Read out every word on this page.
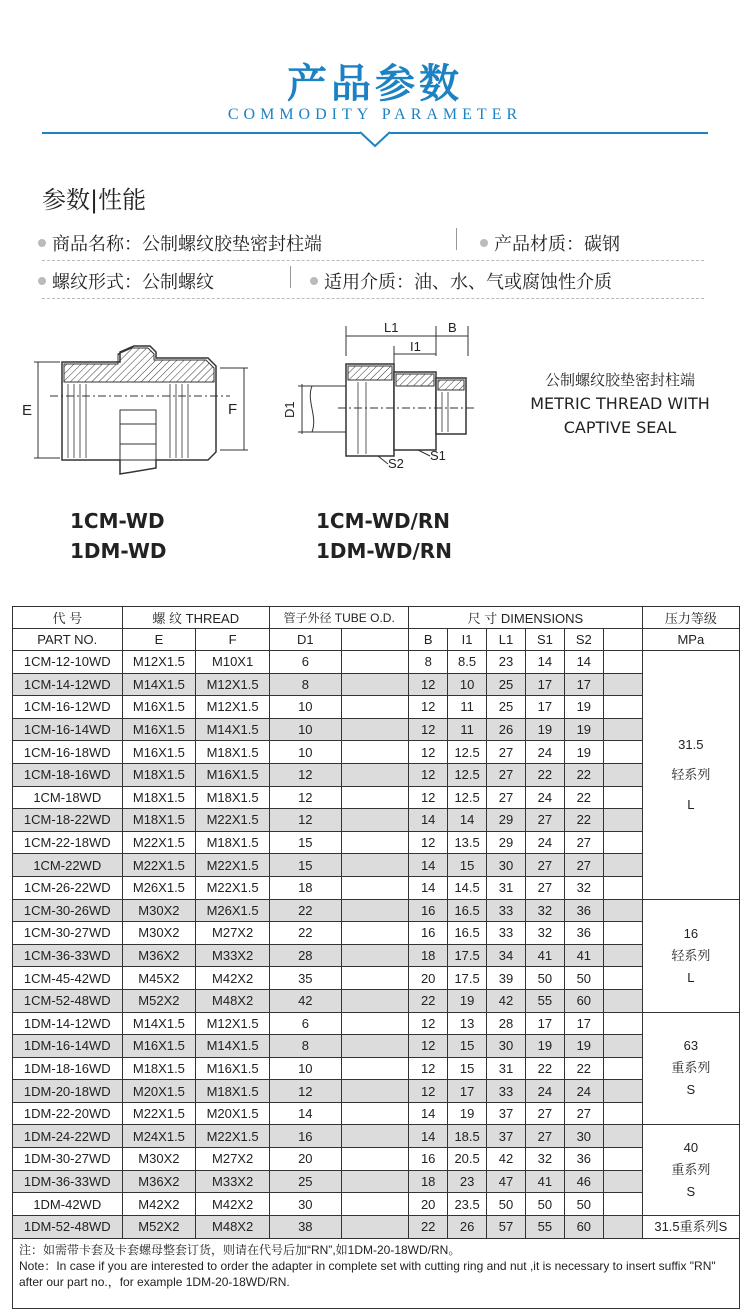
产品参数
COMMODITY PARAMETER
参数|性能
商品名称：公制螺纹胶垫密封柱端	产品材质：碳钢
螺纹形式：公制螺纹	适用介质：油、水、气或腐蚀性介质
E	F
L1	B
I1
D1
S2
S1
公制螺纹胶垫密封柱端
METRIC THREAD WITH
CAPTIVE SEAL
1CM-WD
1DM-WD
1CM-WD/RN
1DM-WD/RN
代 号	螺 纹 THREAD		管子外径 TUBE O.D.		尺 寸 DIMENSIONS						压力等级
PART NO.	E	F	D1		B	I1	L1	S1	S2		MPa
1CM-12-10WD	M12X1.5	M10X1	6		8	8.5	23	14	14		31.5
轻系列
L

1CM-14-12WD	M14X1.5	M12X1.5	8		12	10	25	17	17		
1CM-16-12WD	M16X1.5	M12X1.5	10		12	11	25	17	19		
1CM-16-14WD	M16X1.5	M14X1.5	10		12	11	26	19	19		
1CM-16-18WD	M16X1.5	M18X1.5	10		12	12.5	27	24	19		
1CM-18-16WD	M18X1.5	M16X1.5	12		12	12.5	27	22	22		
1CM-18WD	M18X1.5	M18X1.5	12		12	12.5	27	24	22		
1CM-18-22WD	M18X1.5	M22X1.5	12		14	14	29	27	22		
1CM-22-18WD	M22X1.5	M18X1.5	15		12	13.5	29	24	27		
1CM-22WD	M22X1.5	M22X1.5	15		14	15	30	27	27		
1CM-26-22WD	M26X1.5	M22X1.5	18		14	14.5	31	27	32		
1CM-30-26WD	M30X2	M26X1.5	22		16	16.5	33	32	36		16
轻系列
L

1CM-30-27WD	M30X2	M27X2	22		16	16.5	33	32	36		
1CM-36-33WD	M36X2	M33X2	28		18	17.5	34	41	41		
1CM-45-42WD	M45X2	M42X2	35		20	17.5	39	50	50		
1CM-52-48WD	M52X2	M48X2	42		22	19	42	55	60		
1DM-14-12WD	M14X1.5	M12X1.5	6		12	13	28	17	17		63
重系列
S

1DM-16-14WD	M16X1.5	M14X1.5	8		12	15	30	19	19		
1DM-18-16WD	M18X1.5	M16X1.5	10		12	15	31	22	22		
1DM-20-18WD	M20X1.5	M18X1.5	12		12	17	33	24	24		
1DM-22-20WD	M22X1.5	M20X1.5	14		14	19	37	27	27		
1DM-24-22WD	M24X1.5	M22X1.5	16		14	18.5	37	27	30		40
重系列
S

1DM-30-27WD	M30X2	M27X2	20		16	20.5	42	32	36		
1DM-36-33WD	M36X2	M33X2	25		18	23	47	41	46		
1DM-42WD	M42X2	M42X2	30		20	23.5	50	50	50		
1DM-52-48WD	M52X2	M48X2	38		22	26	57	55	60		31.5重系列S

注：如需带卡套及卡套螺母整套订货，则请在代号后加“RN”,如1DM-20-18WD/RN。
Note：In case if you are interested to order the adapter in complete set with cutting ring and nut ,it is necessary to insert suffix "RN" after our part no.，for example 1DM-20-18WD/RN.											
